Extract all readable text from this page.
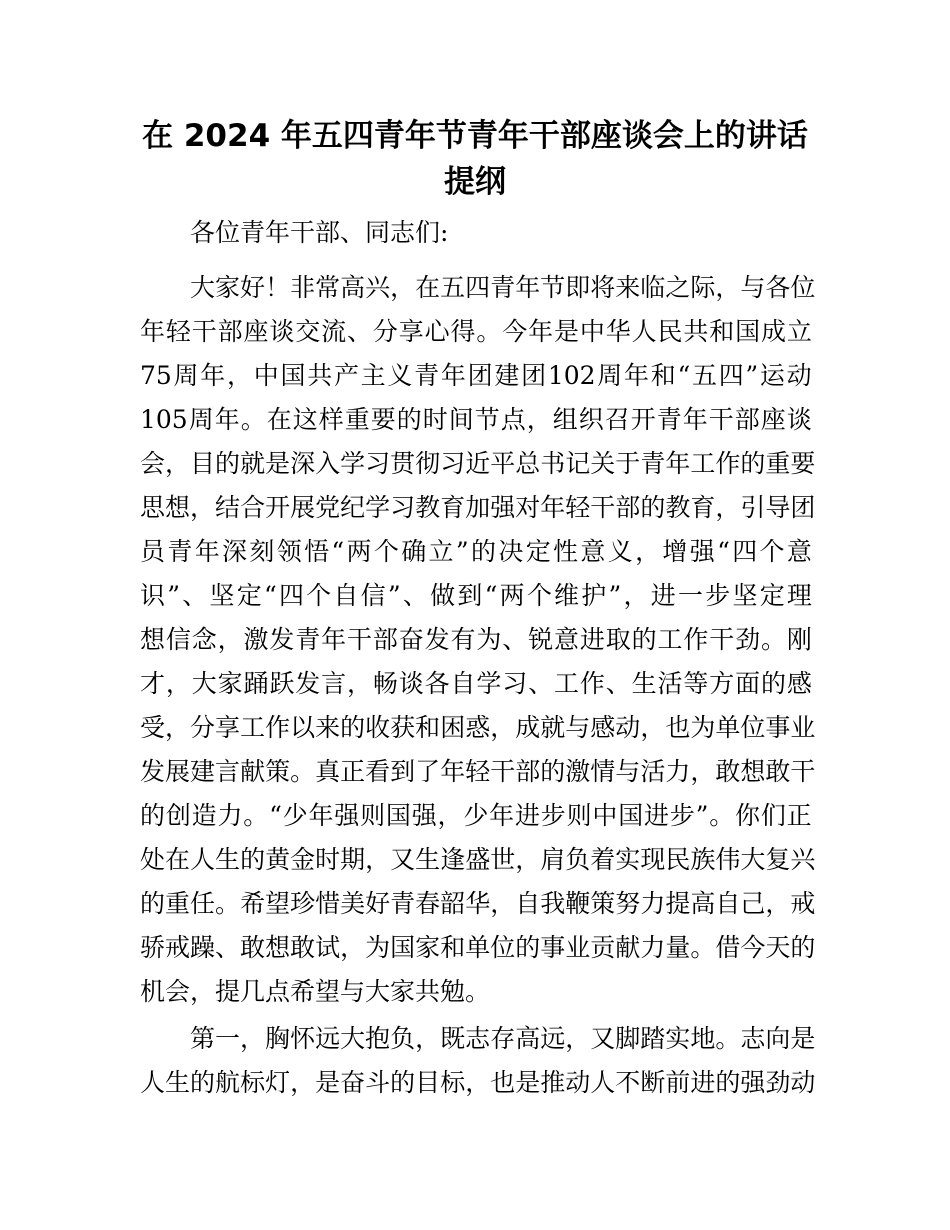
在 2024 年五四青年节青年干部座谈会上的讲话
提纲
各位青年干部、同志们:
大 家 好 ！ 非 常 高 兴 ， 在 五 四 青 年 节 即 将 来 临 之 际 ， 与 各 位
年 轻 干 部 座 谈 交 流 、 分 享 心 得 。 今 年 是 中 华 人 民 共 和 国 成 立
75 周 年 ， 中 国 共 产 主 义 青 年 团 建 团 102 周 年 和 “ 五 四 ” 运 动
105 周 年 。 在 这 样 重 要 的 时 间 节 点 ， 组 织 召 开 青 年 干 部 座 谈
会 ， 目 的 就 是 深 入 学 习 贯 彻 习 近 平 总 书 记 关 于 青 年 工 作 的 重 要
思 想 ， 结 合 开 展 党 纪 学 习 教 育 加 强 对 年 轻 干 部 的 教 育 ， 引 导 团
员 青 年 深 刻 领 悟 “ 两 个 确 立 ” 的 决 定 性 意 义 ， 增 强 “ 四 个 意
识 ” 、 坚 定 “ 四 个 自 信 ” 、 做 到 “ 两 个 维 护 ” ， 进 一 步 坚 定 理
想 信 念 ， 激 发 青 年 干 部 奋 发 有 为 、 锐 意 进 取 的 工 作 干 劲 。 刚
才 ， 大 家 踊 跃 发 言 ， 畅 谈 各 自 学 习 、 工 作 、 生 活 等 方 面 的 感
受 ， 分 享 工 作 以 来 的 收 获 和 困 惑 ， 成 就 与 感 动 ， 也 为 单 位 事 业
发 展 建 言 献 策 。 真 正 看 到 了 年 轻 干 部 的 激 情 与 活 力 ， 敢 想 敢 干
的 创 造 力 。 “ 少 年 强 则 国 强 ， 少 年 进 步 则 中 国 进 步 ” 。 你 们 正
处 在 人 生 的 黄 金 时 期 ， 又 生 逢 盛 世 ， 肩 负 着 实 现 民 族 伟 大 复 兴
的 重 任 。 希 望 珍 惜 美 好 青 春 韶 华 ， 自 我 鞭 策 努 力 提 高 自 己 ， 戒
骄 戒 躁 、 敢 想 敢 试 ， 为 国 家 和 单 位 的 事 业 贡 献 力 量 。 借 今 天 的
机会，提几点希望与大家共勉。
第 一 ， 胸 怀 远 大 抱 负 ， 既 志 存 高 远 ， 又 脚 踏 实 地 。 志 向 是
人 生 的 航 标 灯 ， 是 奋 斗 的 目 标 ， 也 是 推 动 人 不 断 前 进 的 强 劲 动
